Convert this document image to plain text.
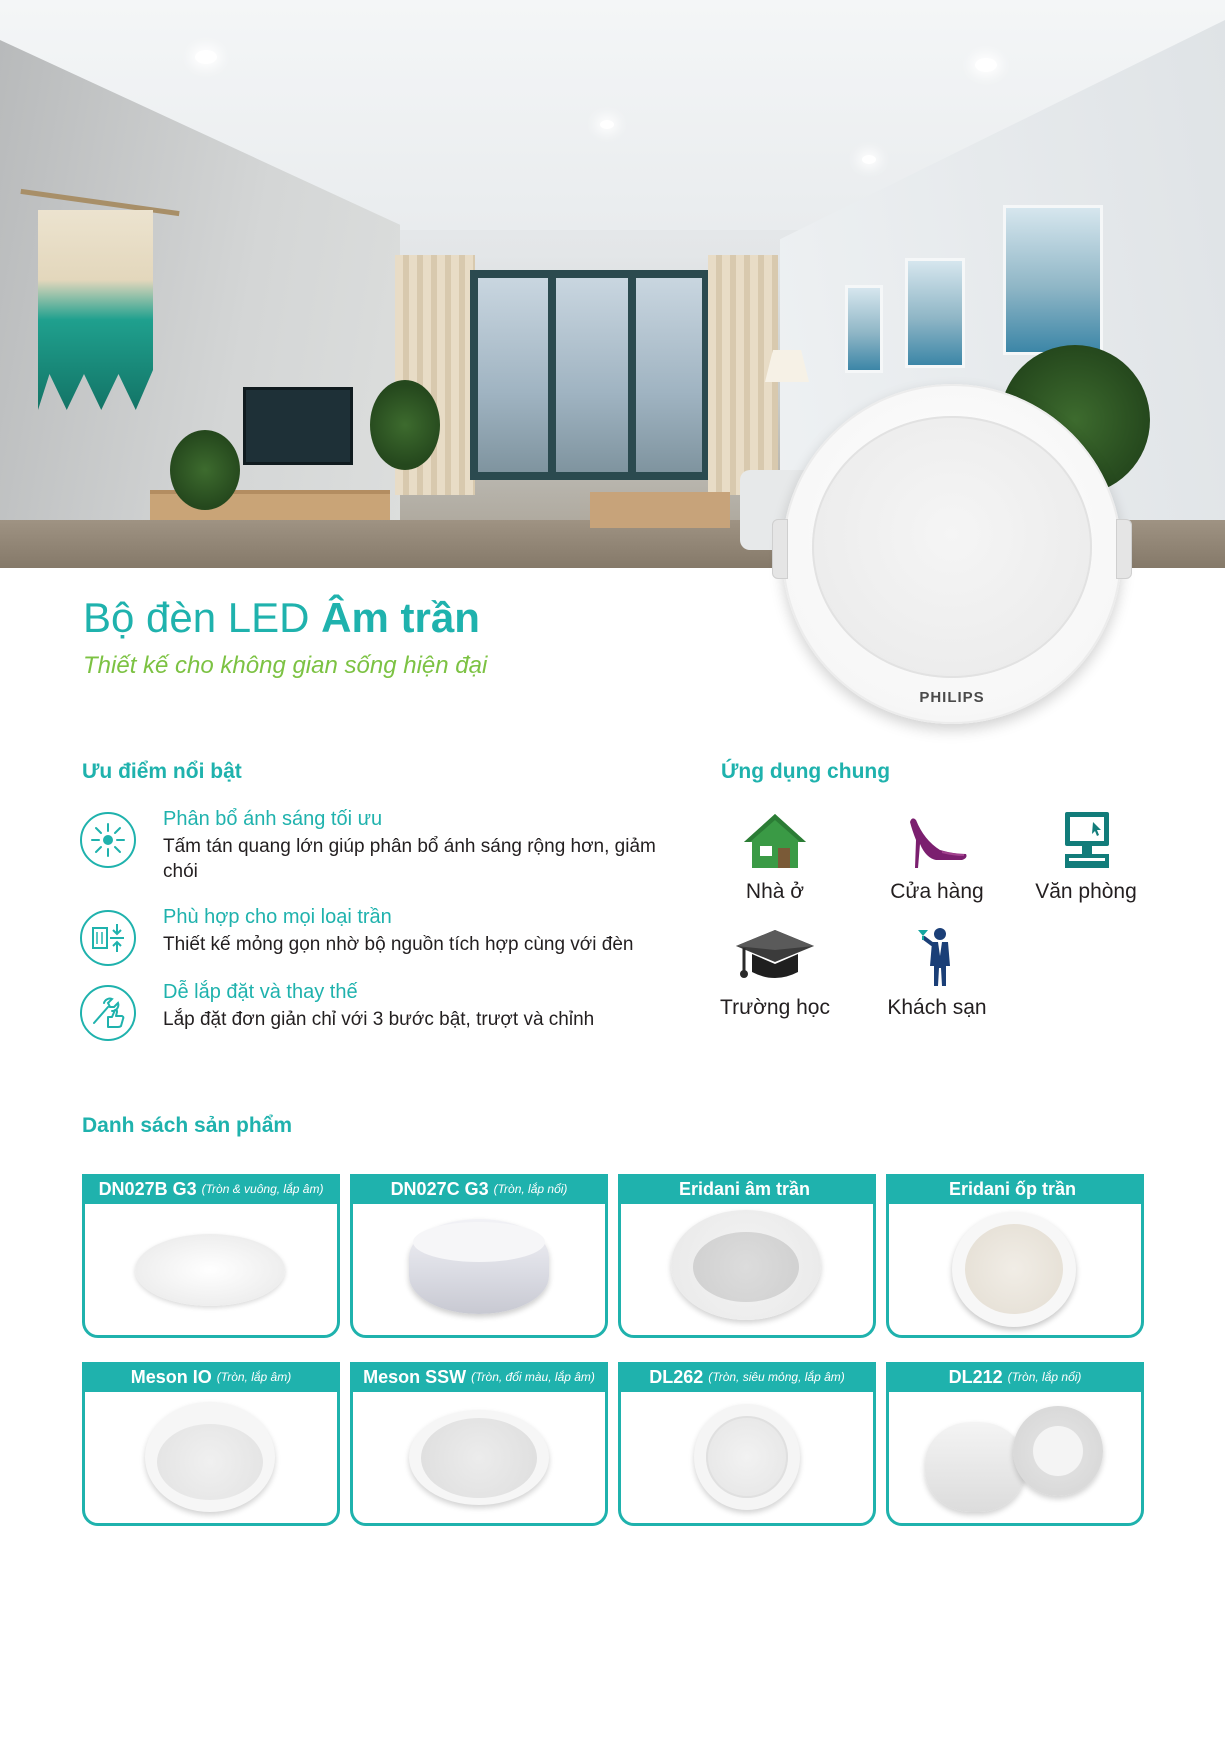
PHILIPS
Bộ đèn LED Âm trần
Thiết kế cho không gian sống hiện đại
Ưu điểm nổi bật
Phân bổ ánh sáng tối ưu
Tấm tán quang lớn giúp phân bổ ánh sáng rộng hơn, giảm chói
Phù hợp cho mọi loại trần
Thiết kế mỏng gọn nhờ bộ nguồn tích hợp cùng với đèn
Dễ lắp đặt và thay thế
Lắp đặt đơn giản chỉ với 3 bước bật, trượt và chỉnh
Ứng dụng chung
Nhà ở	Cửa hàng	Văn phòng
Trường học	Khách sạn
Danh sách sản phẩm
DN027B G3 (Tròn & vuông, lắp âm)	DN027C G3 (Tròn, lắp nổi)	Eridani âm trần	Eridani ốp trần
Meson IO (Tròn, lắp âm)	Meson SSW (Tròn, đổi màu, lắp âm)	DL262 (Tròn, siêu mỏng, lắp âm)	DL212 (Tròn, lắp nổi)
